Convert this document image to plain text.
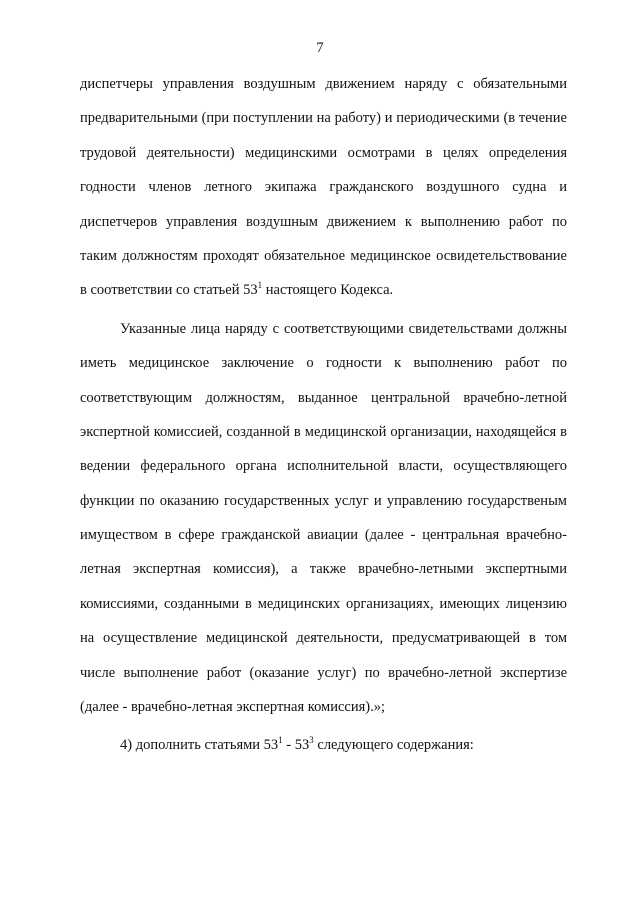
7
диспетчеры управления воздушным движением наряду с обязательными
предварительными (при поступлении на работу) и периодическими (в течение
трудовой деятельности) медицинскими осмотрами в целях определения
годности членов летного экипажа гражданского воздушного судна и
диспетчеров управления воздушным движением к выполнению работ по
таким должностям проходят обязательное медицинское освидетельствование
в соответствии со статьей $53^1$ настоящего Кодекса.
Указанные лица наряду с соответствующими свидетельствами должны
иметь медицинское заключение о годности к выполнению работ по
соответствующим должностям, выданное центральной врачебно-летной
экспертной комиссией, созданной в медицинской организации, находящейся в
ведении федерального органа исполнительной власти, осуществляющего
функции по оказанию государственных услуг и управлению государственым
имуществом в сфере гражданской авиации (далее - центральная врачебно-
летная экспертная комиссия), а также врачебно-летными экспертными
комиссиями, созданными в медицинских организациях, имеющих лицензию
на осуществление медицинской деятельности, предусматривающей в том
числе выполнение работ (оказание услуг) по врачебно-летной экспертизе
(далее - врачебно-летная экспертная комиссия).»;
4) дополнить статьями $53^1 - 53^3$ следующего содержания:
